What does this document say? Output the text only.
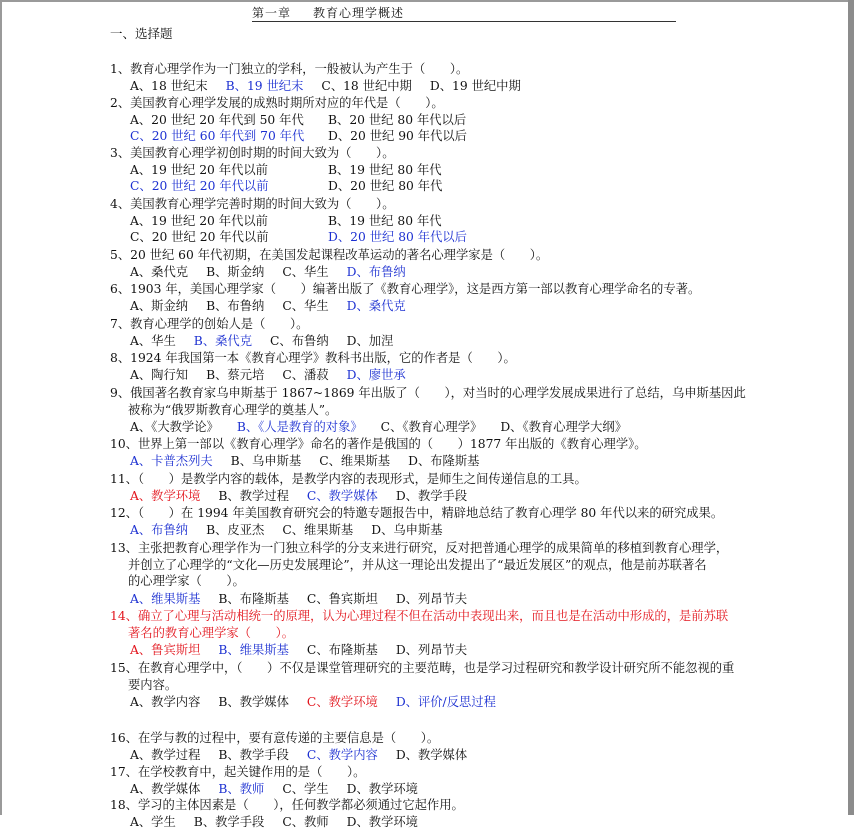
第一章 教育心理学概述
一、选择题
1、教育心理学作为一门独立的学科，一般被认为产生于（　　）。
A、18 世纪末 B、19 世纪末 C、18 世纪中期 D、19 世纪中期
2、美国教育心理学发展的成熟时期所对应的年代是（　　）。
A、20 世纪 20 年代到 50 年代 B、20 世纪 80 年代以后
C、20 世纪 60 年代到 70 年代 D、20 世纪 90 年代以后
3、美国教育心理学初创时期的时间大致为（　　）。
A、19 世纪 20 年代以前	B、19 世纪 80 年代
C、20 世纪 20 年代以前	D、20 世纪 80 年代
4、美国教育心理学完善时期的时间大致为（　　）。
A、19 世纪 20 年代以前	B、19 世纪 80 年代
C、20 世纪 20 年代以前	D、20 世纪 80 年代以后
5、20 世纪 60 年代初期，在美国发起课程改革运动的著名心理学家是（　　）。
A、桑代克 B、斯金纳 C、华生 D、布鲁纳
6、1903 年，美国心理学家（　　）编著出版了《教育心理学》，这是西方第一部以教育心理学命名的专著。
A、斯金纳 B、布鲁纳 C、华生 D、桑代克
7、教育心理学的创始人是（　　）。
A、华生 B、桑代克 C、布鲁纳 D、加涅
8、1924 年我国第一本《教育心理学》教科书出版，它的作者是（　　）。
A、陶行知 B、蔡元培 C、潘菽 D、廖世承
9、俄国著名教育家乌申斯基于 1867~1869 年出版了（　　），对当时的心理学发展成果进行了总结，乌申斯基因此
被称为“俄罗斯教育心理学的奠基人”。
A、《大教学论》 B、《人是教育的对象》 C、《教育心理学》 D、《教育心理学大纲》
10、世界上第一部以《教育心理学》命名的著作是俄国的（　　）1877 年出版的《教育心理学》。
A、卡普杰列夫 B、乌申斯基 C、维果斯基 D、布隆斯基
11、（　　）是教学内容的载体，是教学内容的表现形式，是师生之间传递信息的工具。
A、教学环境 B、教学过程 C、教学媒体 D、教学手段
12、（　　）在 1994 年美国教育研究会的特邀专题报告中，精辟地总结了教育心理学 80 年代以来的研究成果。
A、布鲁纳 B、皮亚杰 C、维果斯基 D、乌申斯基
13、主张把教育心理学作为一门独立科学的分支来进行研究，反对把普通心理学的成果简单的移植到教育心理学，
并创立了心理学的“文化—历史发展理论”，并从这一理论出发提出了“最近发展区”的观点，他是前苏联著名
的心理学家（　　）。
A、维果斯基 B、布隆斯基 C、鲁宾斯坦 D、列昂节夫
14、确立了心理与活动相统一的原理，认为心理过程不但在活动中表现出来，而且也是在活动中形成的，是前苏联
著名的教育心理学家（　　）。
A、鲁宾斯坦 B、维果斯基 C、布隆斯基 D、列昂节夫
15、在教育心理学中，（　　）不仅是课堂管理研究的主要范畴，也是学习过程研究和教学设计研究所不能忽视的重
要内容。
A、教学内容 B、教学媒体 C、教学环境 D、评价/反思过程
16、在学与教的过程中，要有意传递的主要信息是（　　）。
A、教学过程 B、教学手段 C、教学内容 D、教学媒体
17、在学校教育中，起关键作用的是（　　）。
A、教学媒体 B、教师 C、学生 D、教学环境
18、学习的主体因素是（　　），任何教学都必须通过它起作用。
A、学生 B、教学手段 C、教师 D、教学环境
